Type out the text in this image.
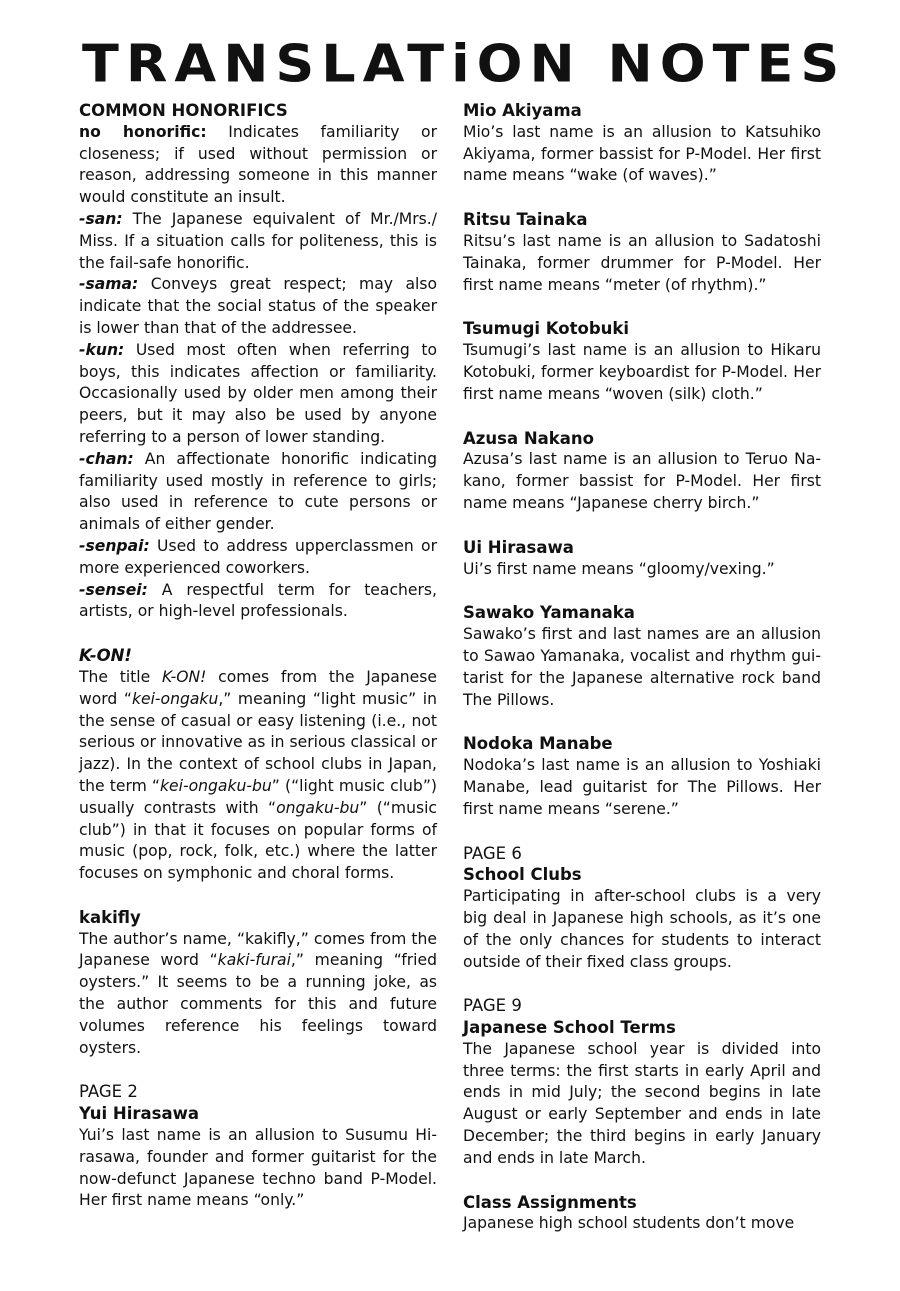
TRANSLATiON NOTES

COMMON HONORIFICS

no honorific: Indicates familiarity or closeness; if used without permission or reason, addressing someone in this manner would constitute an insult.

-san: The Japanese equivalent of Mr./Mrs./ Miss. If a situation calls for politeness, this is the fail-safe honorific.

-sama: Conveys great respect; may also indicate that the social status of the speaker is lower than that of the addressee.

-kun: Used most often when referring to boys, this indicates affection or familiarity. Occasionally used by older men among their peers, but it may also be used by anyone referring to a person of lower standing.

-chan: An affectionate honorific indicating familiarity used mostly in reference to girls; also used in reference to cute persons or animals of either gender.

-senpai: Used to address upperclassmen or more experienced coworkers.

-sensei: A respectful term for teachers, artists, or high-level professionals.

K-ON!

The title K-ON! comes from the Japanese word “kei-ongaku,” meaning “light music” in the sense of casual or easy listening (i.e., not serious or innovative as in serious classical or jazz). In the context of school clubs in Japan, the term “kei-ongaku-bu” (“light music club”) usually contrasts with “ongaku-bu” (“music club”) in that it focuses on popular forms of music (pop, rock, folk, etc.) where the latter focuses on symphonic and choral forms.

kakifly

The author’s name, “kakifly,” comes from the Japanese word “kaki-furai,” meaning “fried oysters.” It seems to be a running joke, as the author comments for this and future volumes reference his feelings toward oysters.

PAGE 2

Yui Hirasawa

Yui’s last name is an allusion to Susumu Hi-rasawa, founder and former guitarist for the now-defunct Japanese techno band P-Model. Her first name means “only.”

Mio Akiyama

Mio’s last name is an allusion to Katsuhiko Akiyama, former bassist for P-Model. Her first name means “wake (of waves).”

Ritsu Tainaka

Ritsu’s last name is an allusion to Sadatoshi Tainaka, former drummer for P-Model. Her first name means “meter (of rhythm).”

Tsumugi Kotobuki

Tsumugi’s last name is an allusion to Hikaru Kotobuki, former keyboardist for P-Model. Her first name means “woven (silk) cloth.”

Azusa Nakano

Azusa’s last name is an allusion to Teruo Na-kano, former bassist for P-Model. Her first name means “Japanese cherry birch.”

Ui Hirasawa

Ui’s first name means “gloomy/vexing.”

Sawako Yamanaka

Sawako’s first and last names are an allusion to Sawao Yamanaka, vocalist and rhythm gui-tarist for the Japanese alternative rock band The Pillows.

Nodoka Manabe

Nodoka’s last name is an allusion to Yoshiaki Manabe, lead guitarist for The Pillows. Her first name means “serene.”

PAGE 6

School Clubs

Participating in after-school clubs is a very big deal in Japanese high schools, as it’s one of the only chances for students to interact outside of their fixed class groups.

PAGE 9

Japanese School Terms

The Japanese school year is divided into three terms: the first starts in early April and ends in mid July; the second begins in late August or early September and ends in late December; the third begins in early January and ends in late March.

Class Assignments

Japanese high school students don’t move
